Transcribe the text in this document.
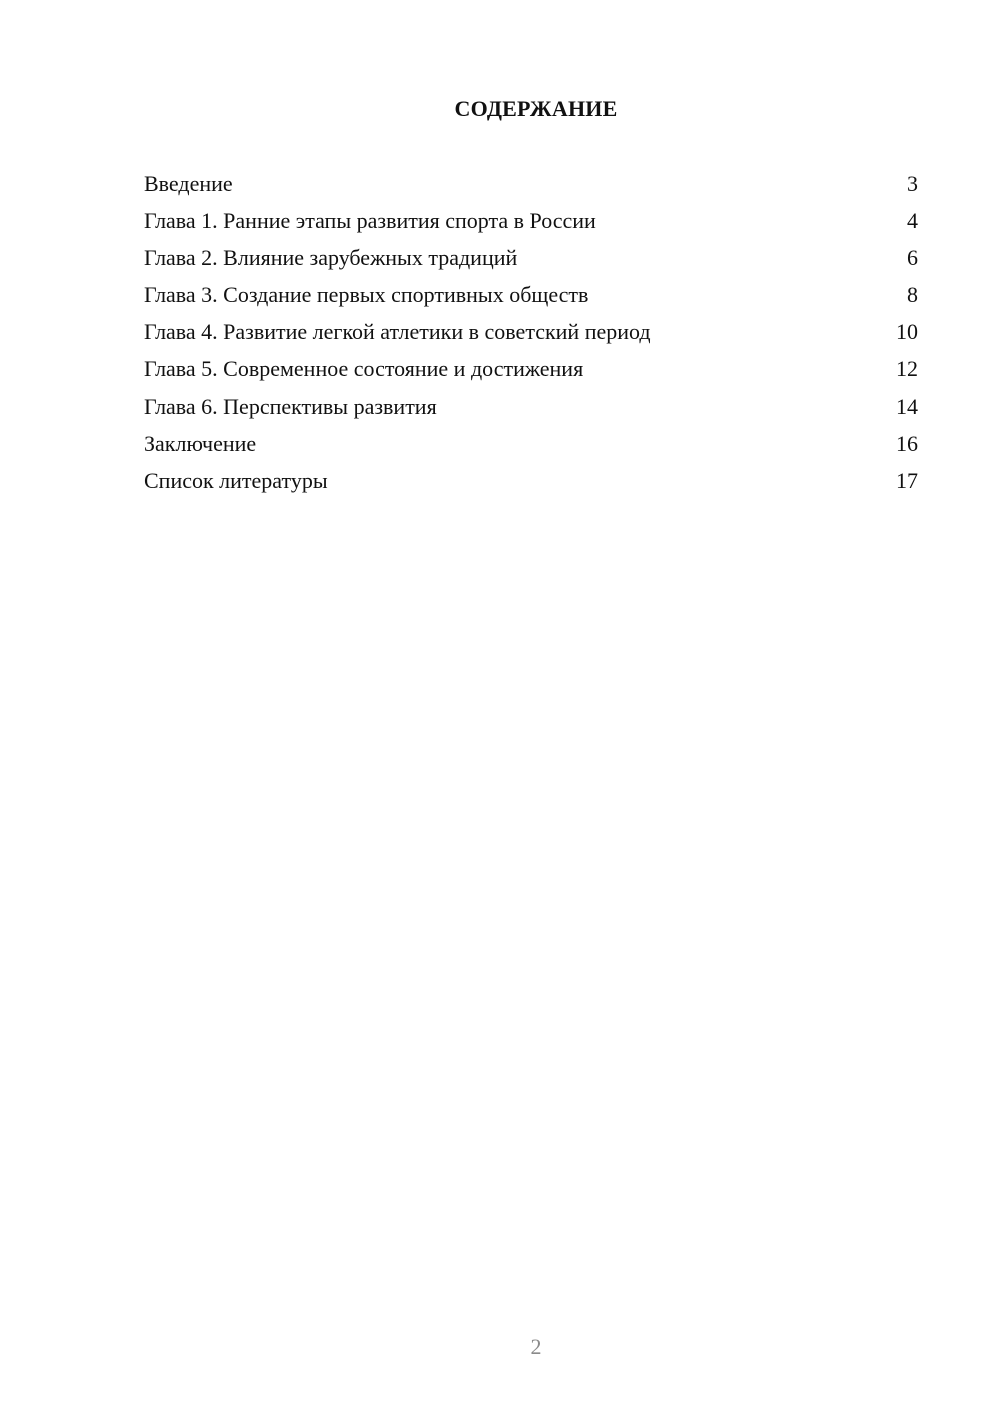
СОДЕРЖАНИЕ
Введение	3
Глава 1. Ранние этапы развития спорта в России	4
Глава 2. Влияние зарубежных традиций	6
Глава 3. Создание первых спортивных обществ	8
Глава 4. Развитие легкой атлетики в советский период	10
Глава 5. Современное состояние и достижения	12
Глава 6. Перспективы развития	14
Заключение	16
Список литературы	17
2
